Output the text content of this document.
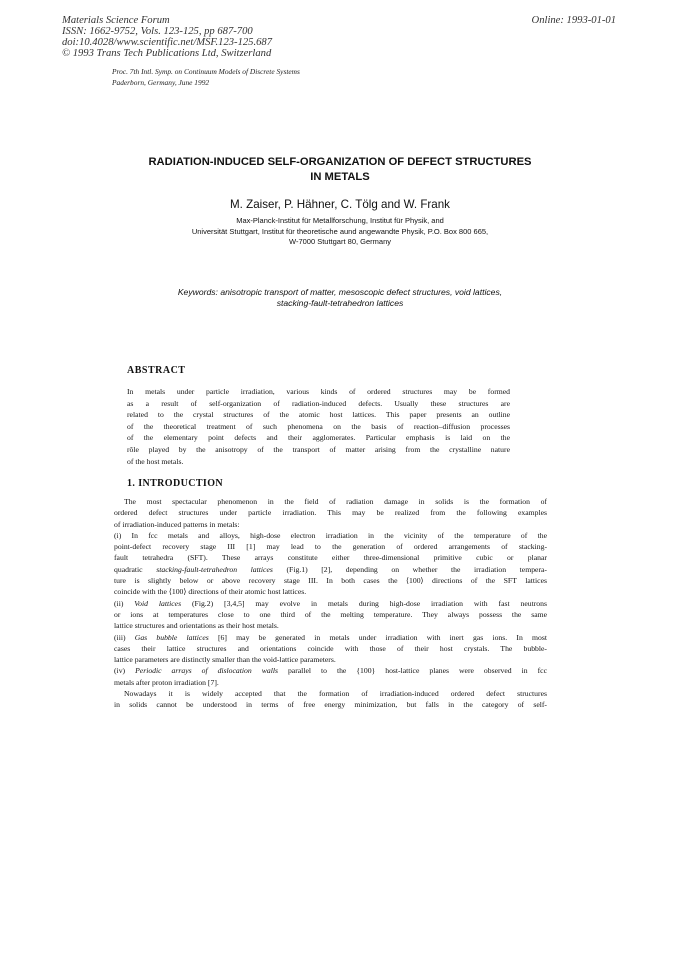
Materials Science Forum
ISSN: 1662-9752, Vols. 123-125, pp 687-700
doi:10.4028/www.scientific.net/MSF.123-125.687
© 1993 Trans Tech Publications Ltd, Switzerland
Online: 1993-01-01
Proc. 7th Intl. Symp. on Continuum Models of Discrete Systems
Paderborn, Germany, June 1992
RADIATION-INDUCED SELF-ORGANIZATION OF DEFECT STRUCTURES
IN METALS
M. Zaiser, P. Hähner, C. Tölg and W. Frank
Max-Planck-Institut für Metallforschung, Institut für Physik, and
Universität Stuttgart, Institut für theoretische aund angewandte Physik, P.O. Box 800 665,
W-7000 Stuttgart 80, Germany
Keywords: anisotropic transport of matter, mesoscopic defect structures, void lattices,
stacking-fault-tetrahedron lattices
ABSTRACT
In metals under particle irradiation, various kinds of ordered structures may be formed
as a result of self-organization of radiation-induced defects. Usually these structures are
related to the crystal structures of the atomic host lattices. This paper presents an outline
of the theoretical treatment of such phenomena on the basis of reaction–diffusion processes
of the elementary point defects and their agglomerates. Particular emphasis is laid on the
rôle played by the anisotropy of the transport of matter arising from the crystalline nature
of the host metals.
1. INTRODUCTION
The most spectacular phenomenon in the field of radiation damage in solids is the formation of
ordered defect structures under particle irradiation. This may be realized from the following examples
of irradiation-induced patterns in metals:
(i) In fcc metals and alloys, high-dose electron irradiation in the vicinity of the temperature of the
point-defect recovery stage III [1] may lead to the generation of ordered arrangements of stacking-
fault tetrahedra (SFT). These arrays constitute either three-dimensional primitive cubic or planar
quadratic stacking-fault-tetrahedron lattices (Fig.1) [2], depending on whether the irradiation tempera-
ture is slightly below or above recovery stage III. In both cases the ⟨100⟩ directions of the SFT lattices
coincide with the ⟨100⟩ directions of their atomic host lattices.
(ii) Void lattices (Fig.2) [3,4,5] may evolve in metals during high-dose irradiation with fast neutrons
or ions at temperatures close to one third of the melting temperature. They always possess the same
lattice structures and orientations as their host metals.
(iii) Gas bubble lattices [6] may be generated in metals under irradiation with inert gas ions. In most
cases their lattice structures and orientations coincide with those of their host crystals. The bubble-
lattice parameters are distinctly smaller than the void-lattice parameters.
(iv) Periodic arrays of dislocation walls parallel to the {100} host-lattice planes were observed in fcc
metals after proton irradiation [7].
Nowadays it is widely accepted that the formation of irradiation-induced ordered defect structures
in solids cannot be understood in terms of free energy minimization, but falls in the category of self-
